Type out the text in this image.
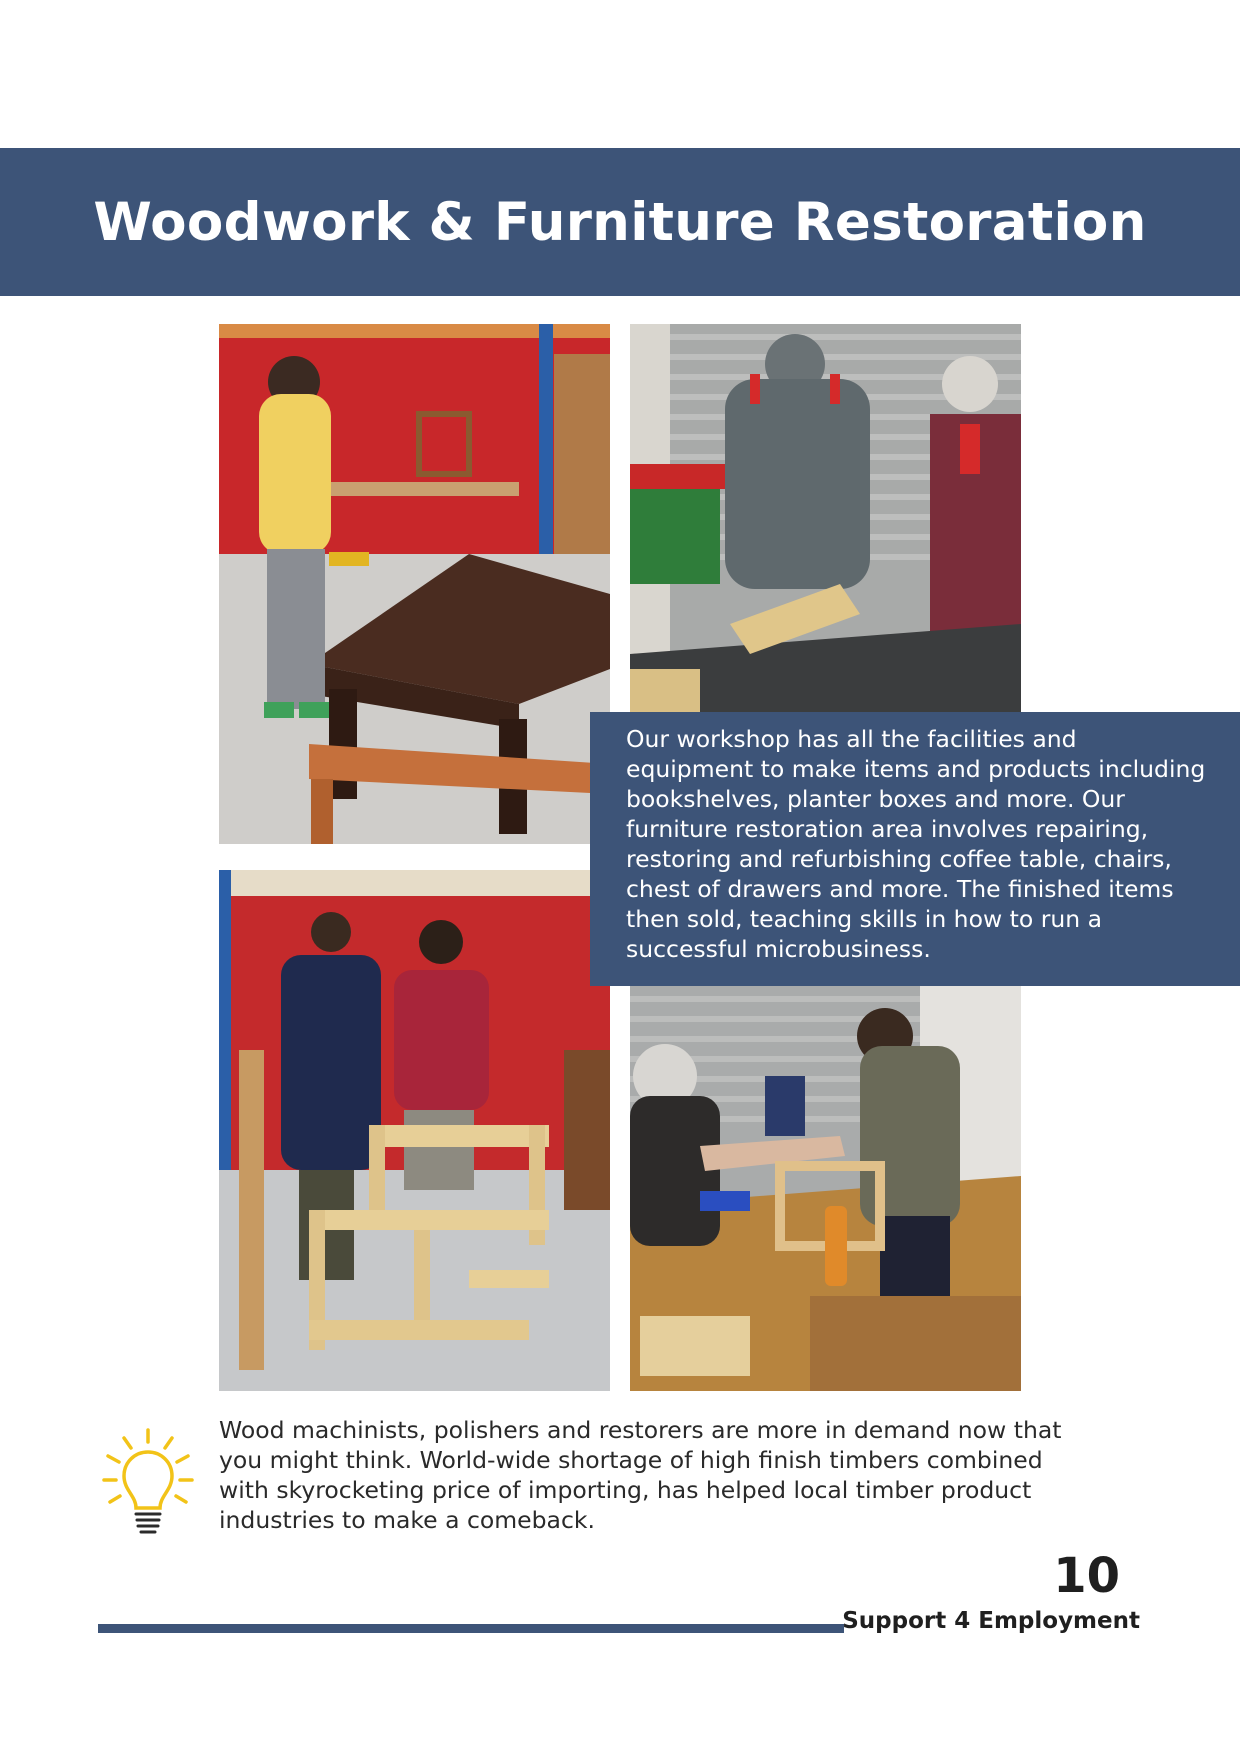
Woodwork & Furniture Restoration

Our workshop has all the facilities and equipment to make items and products including bookshelves, planter boxes and more. Our furniture restoration area involves repairing, restoring and refurbishing coffee table, chairs, chest of drawers and more. The finished items then sold, teaching skills in how to run a successful microbusiness.

Wood machinists, polishers and restorers are more in demand now that you might think. World-wide shortage of high finish timbers combined with skyrocketing price of importing, has helped local timber product industries to make a comeback.

10

Support 4 Employment
